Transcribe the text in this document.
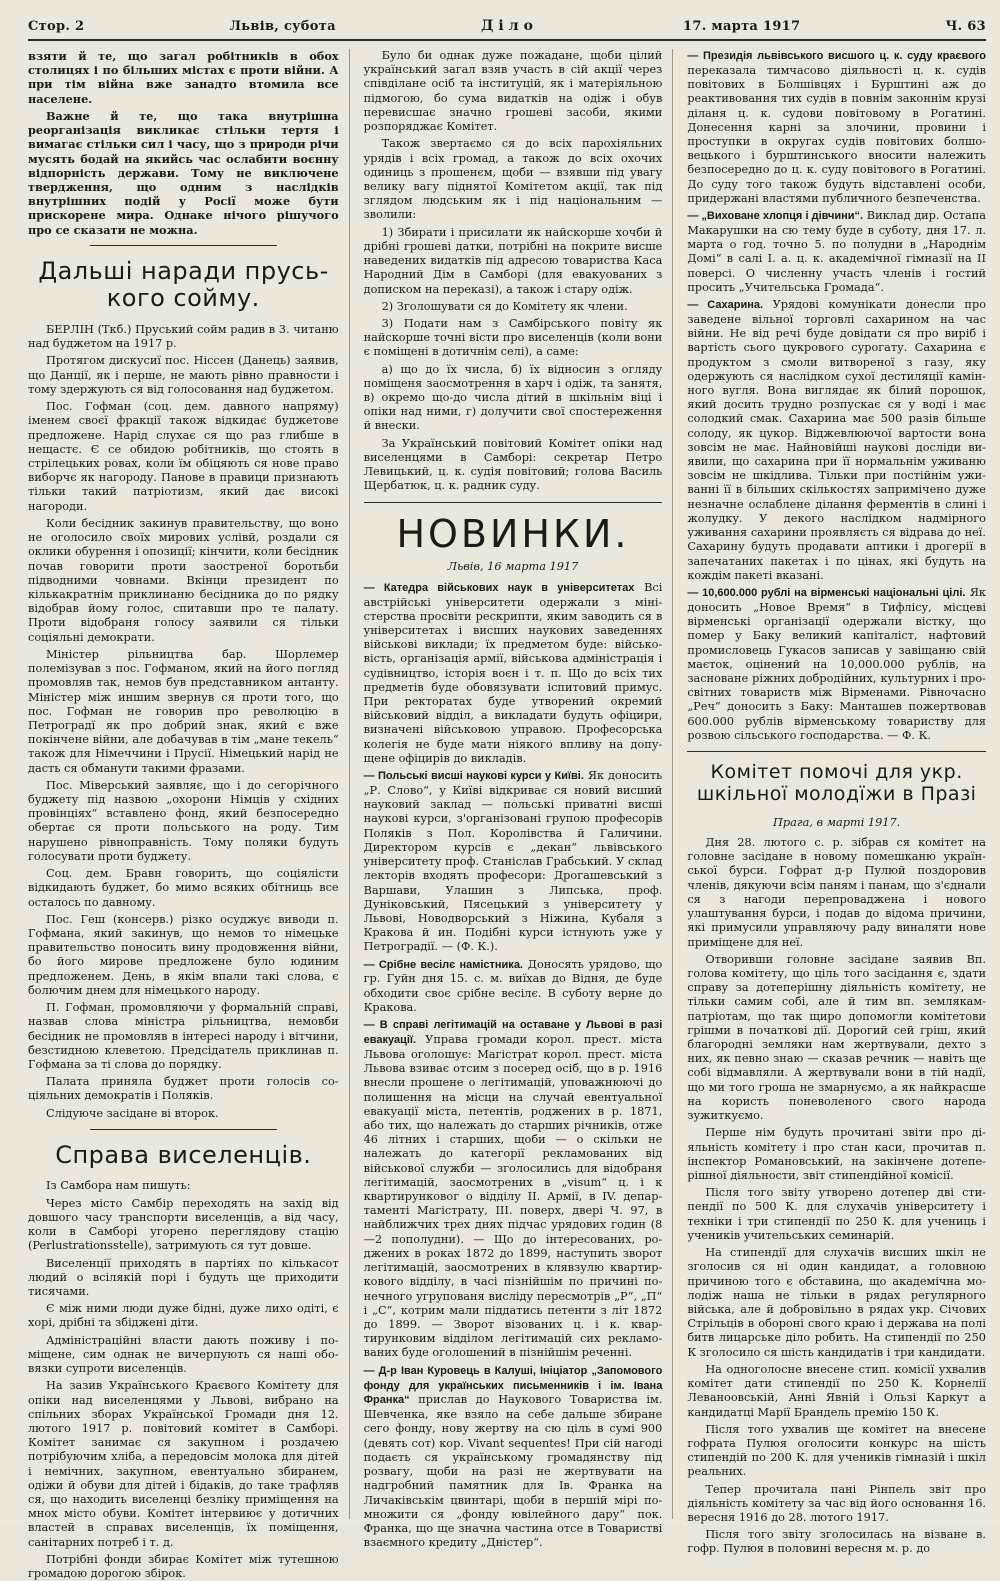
Стор. 2	Львів, субота	Діло	17. марта 1917	Ч. 63

взяти й те, що загал робітників в обох столицях і по більших містах є проти війни. А при тім війна вже занадто втомила все населене.

Важне й те, що така внутрішна реорганізація викликає стільки тертя і вимагає стільки сил і часу, що з природи річи мусять бодай на якийсь час ослабити воєнну відпорність держави. Тому не виключене твердження, що одним з наслідків внутрішних подій у Росії може бути прискорене мира. Однаке нічого рішучого про се сказати не можна.

Дальші наради пруського сойму.

БЕРЛІН (Ткб.) Пруський сойм радив в 3. читаню над буджетом на 1917 р.

Протягом дискусиї пос. Ніссен (Данець) заявив, що Данції, як і перше, не мають рівно правности і тому здержують ся від голосовання над буджетом.

Пос. Гофман (соц. дем. давного напряму) іменем своєї фракції також відкидає буджетове предложене. Нарід слухає ся що раз глибше в нещастє. Є се обидою робітників, що стоять в стрілецьких ровах, коли їм обіцяють ся нове право виборчє як нагороду. Панове в правици признають тільки такий патріотизм, який дає високі нагороди.

Коли бесідник закинув правительству, що воно не оголосило своїх мирових услівй, роздали ся оклики обурення і опозиції; кінчити, коли бесідник почав говорити проти заостреної боротьби підводними човнами. Вкінци президент по кількакратнім приклинаню бесідника до по рядку відобрав йому голос, спитавши про те палату. Проти відобраня голосу заявили ся тільки соціяльні демократи.

Міністер рільництва бар. Шорлемер полемізував з пос. Гофманом, який на його погляд промовляв так, немов був представником антанту. Міністер між иншим звернув ся проти того, що пос. Гофман не говорив про революцію в Петроградї як про добрий знак, який є вже покінчене війни, але добачував в тім „мане текель“ також для Німеччини і Прусії. Німецький нарід не дасть ся обманути такими фразами.

Пос. Міверський заявляє, що і до сегорічного буджету під назвою „охорони Німців у східних провінціях“ вставлено фонд, який безпосередно обертає ся проти польського на роду. Тим нарушено рівноправність. Тому поляки будуть голосувати проти буджету.

Соц. дем. Бравн говорить, що соціялісти відкидають буджет, бо мимо всяких обітниць все осталось по давному.

Пос. Геш (консерв.) різко осуджує виводи п. Гофмана, який закинув, що немов то німецьке правительство поносить вину продовження війни, бо його мирове предложене було юдиним предложенем. День, в якім впали такі слова, є болючим днем для німецького народу.

П. Гофман, промовляючи у формальній справі, назвав слова міністра рільництва, немовби бесідник не промовляв в інтересі народу і вітчини, безстидною клеветою. Предсідатель приклинав п. Гофмана за ті слова до порядку.

Палата приняла буджет проти голосів соціяльних демократів і Поляків.

Слідуюче засідане ві второк.

Справа виселенців.

Із Самбора нам пишуть:

Через місто Самбір переходять на захід від довшого часу транспорти виселенців, а від часу, коли в Самборі угорено переглядову стацію (Perlustrationsstelle), затримують ся тут довше.

Виселенції приходять в партіях по кількасот людий о всілякій порі і будуть ще приходити тисячами.

Є між ними люди дуже бідні, дуже лихо одіті, є хорі, дрібні та збіджені діти.

Адміністраційні власти дають поживу і поміщене, сим однак не вичерпують ся наші обовязки супроти виселенців.

На зазив Українського Краєвого Комітету для опіки над виселенцями у Львові, вибрано на спільних зборах Української Громади дня 12. лютого 1917 р. повітовий комітет в Самборі. Комітет занимає ся закупном і роздачею потрібуючим хліба, а передовсім молока для дітей і немічних, закупном, евентуально збиранем, одіжи й обуви для дітей і бідаків, до таке трафляв ся, що находить виселенці безліку приміщення на мнох місто обуви. Комітет інтервиює у дотичних властей в справах виселенців, їх поміщення, санітарних потреб і т. д.

Потрібні фонди збирає Комітет між тутешною громадою дорогою збірок.

Було би однак дуже пожадане, щоби цілий український загал взяв участь в сій акції через співділане осіб та інституцій, як і матеріяльною підмогою, бо сума видатків на одіж і обув перевисшає значно грошеві засоби, якими розпоряджає Комітет.

Також звертаємо ся до всіх парохіяльних урядів і всіх громад, а також до всіх охочих одиниць з прошенєм, щоби — взявши під увагу велику вагу піднятої Комітетом акції, так під зглядом людським як і під національним — зволили:

1) Збирати і присилати як найскорше хочби й дрібні грошеві датки, потрібні на покрите висше наведених видатків під адресою товариства Каса Народний Дім в Самборі (для евакуованих з дописком на переказі), а також і стару одіж.

2) Зголошувати ся до Комітету як члени.

3) Подати нам з Самбірського повіту як найскорше точні вісти про виселенців (коли вони є поміщені в дотичнім селі), а саме:

а) що до їх числа, б) їх відносин з огляду поміщеня заосмотрення в харч і одіж, та занятя, в) окремо що-до числа дітий в шкільнім віці і опіки над ними, г) долучити свої спостереження й внески.

За Український повітовий Комітет опіки над виселенцями в Самборі: секретар Петро Левицький, ц. к. судія повітовий; голова Василь Щербатюк, ц. к. радник суду.

НОВИНКИ.
Львів, 16 марта 1917

— Катедра військових наук в університетах Всі австрійські університети одержали з міністерства просвіти рескрипти, яким заводить ся в університетах і висших наукових заведеннях військові виклади; їх предметом буде: військовість, організація армії, військова адміністрація і судівництво, історія воєн і т. п. Що до всіх тих предметів буде обовязувати іспитовий примус. При ректоратах буде утворений окремий військовий відділ, а викладати будуть офіцири, визначені військовою управою. Професорська колегія не буде мати ніякого впливу на допущене офіцирів до викладів.

— Польські висші наукові курси у Київі. Як доносить „Р. Слово“, у Київі відкриває ся новий висший науковий заклад — польські приватні висші наукові курси, з'організовані групою професорів Поляків з Пол. Королівства й Галичини. Директором курсів є „декан“ львівського університету проф. Станіслав Грабський. У склад лекторів входять професори: Дрогашевський з Варшави, Улашин з Липська, проф. Дуніковський, Пясецький з університету у Львові, Новодворський з Ніжина, Кубаля з Кракова й ин. Подібні курси істнують уже у Петроградії. — (Ф. К.).

— Срібне весілє намістника. Доносять урядово, що гр. Гуйн дня 15. с. м. виїхав до Відня, де буде обходити своє срібне весілє. В суботу верне до Кракова.

— В справі легітимацій на оставане у Львові в разі евакуації. Управа громади корол. прест. міста Львова оголошує: Магістрат корол. прест. міста Львова взиває отсим з посеред осіб, що в р. 1916 внесли прошене о легітимацій, уповажнюючі до полишення на місци на случай евентуальної евакуації міста, петентів, роджених в р. 1871, або тих, що належать до старших річників, отже 46 літних і старших, щоби — о скільки не належать до категорії рекламованих від військової служби — зголосились для відобраня легітимацій, заосмотрених в „visum“ ц. і к квартирунковог о відділу ІІ. Армії, в IV. департаменті Магістрату, ІІІ. поверх, двері Ч. 97, в найближчих трех днях підчас урядових годин (8—2 пополудни). — Що до інтересованих, роджених в роках 1872 до 1899, наступить зворот легітимацій, заосмотрених в клявзулю квартиркового відділу, в часі пізнійшім по причині понечного угрупованя висліду пересмотрів „Р“, „П“ і „С“, котрим мали піддатись петенти з літ 1872 до 1899. — Зворот візованих ц. і к. квартирунковим відділом легітимацій сих рекламованих буде оголошений в пізнійшім реченні.

— Д-р Іван Куровець в Калуші, Ініціатор „Запомового фонду для українських письменників і ім. Івана Франка“ прислав до Наукового Товариства ім. Шевченка, яке взяло на себе дальше збиране сего фонду, нову жертву на сю ціль в сумі 900 (девять сот) кор. Vivant sequentes! При сій нагоді подаєть ся українському громадянству під розвагу, щоби на разі не жертвувати на надгробний памятник для Ів. Франка на Личаківськім цвинтарі, щоби в першій мірі помножити ся „фонду ювілейного дару“ пок. Франка, що ще значна частина отсе в Товаристві взаємного кредиту „Дністер“.

— Президія львівського висшого ц. к. суду краєвого переказала тимчасово діяльності ц. к. судів повітових в Болшівцях і Бурштині аж до реактивовання тих судів в повнім законнім крузі діланя ц. к. судови повітовому в Рогатині. Донесення карні за злочини, провини і проступки в округах судів повітових болшовецького і бурштинського вносити належить безпосередно до ц. к. суду повітового в Рогатині. До суду того також будуть відставлені особи, придержані властями публичного безпеченства.

— „Виховане хлопця і дівчини“. Виклад дир. Остапа Макарушки на сю тему буде в суботу, дня 17. л. марта о год. точно 5. по полудни в „Народнім Домі“ в салі І. а. ц. к. академічної гімназії на ІІ поверсі. О численну участь членів і гостий просить „Учительська Громада“.

— Сахарина. Урядові комунікати донесли про заведене вільної торговлі сахарином на час війни. Не від речі буде довідати ся про виріб і вартість сього цукрового сурогату. Сахарина є продуктом з смоли витвореної з газу, яку одержують ся наслідком сухої дестиляції камінного вугля. Вона виглядає як білий порошок, який досить трудно розпускає ся у воді і має солодкий смак. Сахарина має 500 разів більше солоду, як цукор. Віджевлюючої вартости вона зовсім не має. Найновійші наукові досліди виявили, що сахарина при її нормальнім уживаню зовсім не шкідлива. Тільки при постійнім уживанні її в більших скількостях запримічено дуже незначне ослаблене ділання ферментів в слині і жолудку. У декого наслідком надмірного уживання сахарини проявляєть ся відрава до неї. Сахарину будуть продавати аптики і дрогерії в запечатаних пакетах і по цінах, які будуть на кождім пакеті вказані.

— 10,600.000 рублі на вірменські національні цілі. Як доносить „Новое Время“ в Тифлісу, місцеві вірменські організації одержали вістку, що помер у Баку великий капіталіст, нафтовий промисловець Гукасов записав у завіщаню свій маєток, оцінений на 10,000.000 рублів, на засноване ріжних добродійних, культурних і просвітних товариств між Вірменами. Рівночасно „Реч“ доносить з Баку: Манташев пожертвовав 600.000 рублів вірменському товариству для розвою сільського господарства. — Ф. К.

Комітет помочі для укр. шкільної молодїжи в Празі
Прага, в марті 1917.

Дня 28. лютого с. р. зібрав ся комітет на головне засідане в новому помешканю української бурси. Гофрат д-р Пулюй поздоровив членів, дякуючи всім паням і панам, що з'єднали ся з нагоди перепроваджена і нового улаштування бурси, і подав до відома причини, які примусили управляючу раду виналяти нове приміщене для неї.

Отворивши головне засідане заявив Вп. голова комітету, що ціль того засідання є, здати справу за дотеперішну діяльність комітету, не тільки самим собі, але й тим вп. землякам-патріотам, що так щиро допомогли комітетови грішми в початкові дії. Дорогий сей гріш, який благородні земляки нам жертвували, дехто з них, як певно знаю — сказав речник — навіть ще собі відмавляли. А жертвували вони в тій надії, що ми того гроша не змарнуємо, а як найкрасше на користь поневоленого свого народа зужиткуємо.

Перше нім будуть прочитані звіти про діяльність комітету і про стан каси, прочитав п. інспектор Романовський, на закінчене дотеперішної діяльности, звіт стипендійної комісії.

Після того звіту утворено дотепер дві стипендії по 500 К. для слухачів університету і техніки і три стипендії по 250 К. для учениць і учеників учительських семинарій.

На стипендії для слухачів висших шкіл не зголосив ся ні один кандидат, а головною причиною того є обставина, що академічна молодіж наша не тільки в рядах регулярного війська, але й добровільно в рядах укр. Січових Стрільців в обороні свого краю і держава на полі битв лицарське діло робить. На стипендії по 250 К зголосило ся шість кандидатів і три кандидати.

На одноголосне внесене стип. комісії ухвалив комітет дати стипендії по 250 К. Корнелії Леваноовській, Анні Явній і Ользі Каркут а кандидатці Марії Брандель премію 150 К.

Після того ухвалив ще комітет на внесене гофрата Пулюя оголосити конкурс на шість стипендій по 200 К. для учеників гімназій і шкіл реальних.

Тепер прочитала пані Рінпель звіт про діяльність комітету за час від його основання 16. вересня 1916 до 28. лютого 1917.

Після того звіту зголосилась на візване в. гофр. Пулюя в половині вересня м. р. до
